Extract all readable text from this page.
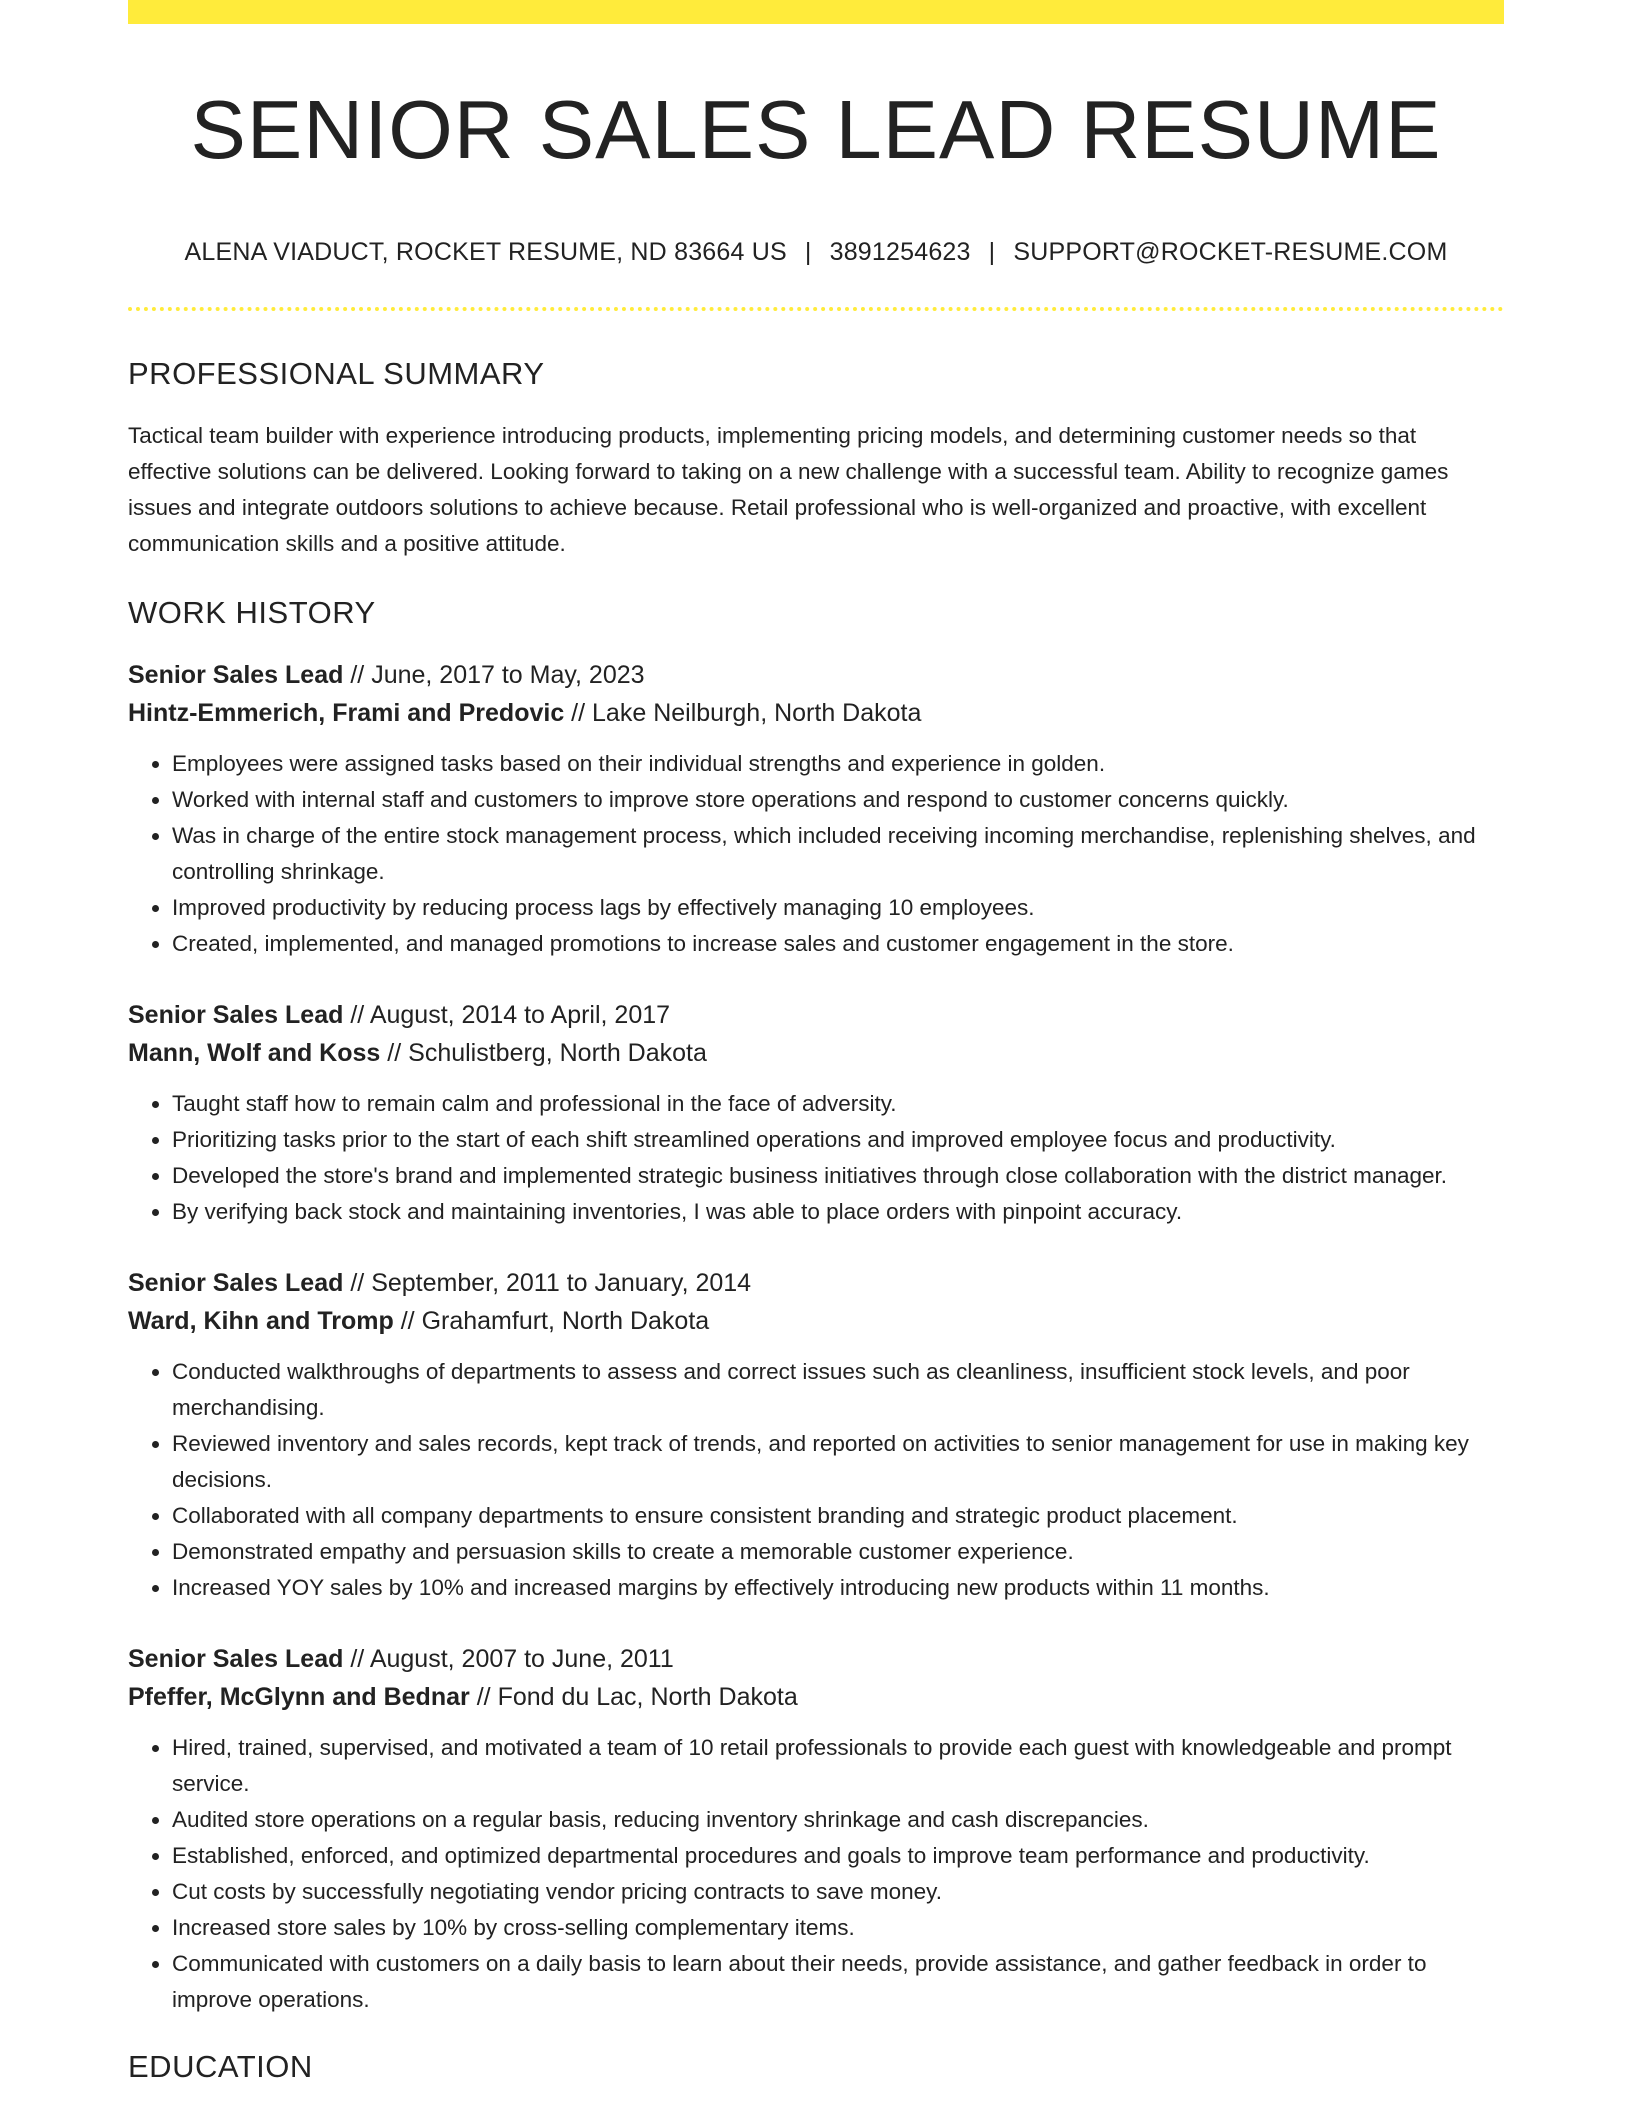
SENIOR SALES LEAD RESUME
ALENA VIADUCT, ROCKET RESUME, ND 83664 US | 3891254623 | SUPPORT@ROCKET-RESUME.COM
PROFESSIONAL SUMMARY
Tactical team builder with experience introducing products, implementing pricing models, and determining customer needs so that effective solutions can be delivered. Looking forward to taking on a new challenge with a successful team. Ability to recognize games issues and integrate outdoors solutions to achieve because. Retail professional who is well-organized and proactive, with excellent communication skills and a positive attitude.
WORK HISTORY
Senior Sales Lead // June, 2017 to May, 2023
Hintz-Emmerich, Frami and Predovic // Lake Neilburgh, North Dakota
• Employees were assigned tasks based on their individual strengths and experience in golden.
• Worked with internal staff and customers to improve store operations and respond to customer concerns quickly.
• Was in charge of the entire stock management process, which included receiving incoming merchandise, replenishing shelves, and controlling shrinkage.
• Improved productivity by reducing process lags by effectively managing 10 employees.
• Created, implemented, and managed promotions to increase sales and customer engagement in the store.
Senior Sales Lead // August, 2014 to April, 2017
Mann, Wolf and Koss // Schulistberg, North Dakota
• Taught staff how to remain calm and professional in the face of adversity.
• Prioritizing tasks prior to the start of each shift streamlined operations and improved employee focus and productivity.
• Developed the store's brand and implemented strategic business initiatives through close collaboration with the district manager.
• By verifying back stock and maintaining inventories, I was able to place orders with pinpoint accuracy.
Senior Sales Lead // September, 2011 to January, 2014
Ward, Kihn and Tromp // Grahamfurt, North Dakota
• Conducted walkthroughs of departments to assess and correct issues such as cleanliness, insufficient stock levels, and poor merchandising.
• Reviewed inventory and sales records, kept track of trends, and reported on activities to senior management for use in making key decisions.
• Collaborated with all company departments to ensure consistent branding and strategic product placement.
• Demonstrated empathy and persuasion skills to create a memorable customer experience.
• Increased YOY sales by 10% and increased margins by effectively introducing new products within 11 months.
Senior Sales Lead // August, 2007 to June, 2011
Pfeffer, McGlynn and Bednar // Fond du Lac, North Dakota
• Hired, trained, supervised, and motivated a team of 10 retail professionals to provide each guest with knowledgeable and prompt service.
• Audited store operations on a regular basis, reducing inventory shrinkage and cash discrepancies.
• Established, enforced, and optimized departmental procedures and goals to improve team performance and productivity.
• Cut costs by successfully negotiating vendor pricing contracts to save money.
• Increased store sales by 10% by cross-selling complementary items.
• Communicated with customers on a daily basis to learn about their needs, provide assistance, and gather feedback in order to improve operations.
EDUCATION
